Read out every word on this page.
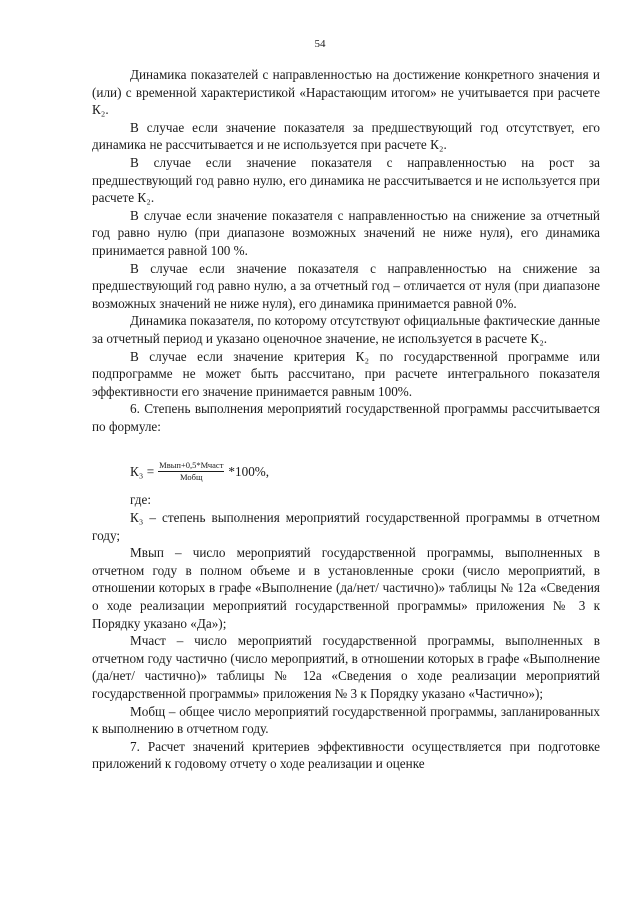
54

Динамика показателей с направленностью на достижение конкретного значения и (или) с временной характеристикой «Нарастающим итогом» не учитывается при расчете К₂.

В случае если значение показателя за предшествующий год отсутствует, его динамика не рассчитывается и не используется при расчете К₂.

В случае если значение показателя с направленностью на рост за предшествующий год равно нулю, его динамика не рассчитывается и не используется при расчете К₂.

В случае если значение показателя с направленностью на снижение за отчетный год равно нулю (при диапазоне возможных значений не ниже нуля), его динамика принимается равной 100 %.

В случае если значение показателя с направленностью на снижение за предшествующий год равно нулю, а за отчетный год – отличается от нуля (при диапазоне возможных значений не ниже нуля), его динамика принимается равной 0%.

Динамика показателя, по которому отсутствуют официальные фактические данные за отчетный период и указано оценочное значение, не используется в расчете К₂.

В случае если значение критерия К₂ по государственной программе или подпрограмме не может быть рассчитано, при расчете интегрального показателя эффективности его значение принимается равным 100%.

6. Степень выполнения мероприятий государственной программы рассчитывается по формуле:

$К_3 = \frac{\text{Мвып+0,5*Мчаст}}{\text{Мобщ}} *100\%$,

где:

К₃ – степень выполнения мероприятий государственной программы в отчетном году;

Mвып – число мероприятий государственной программы, выполненных в отчетном году в полном объеме и в установленные сроки (число мероприятий, в отношении которых в графе «Выполнение (да/нет/ частично)» таблицы № 12а «Сведения о ходе реализации мероприятий государственной программы» приложения № 3 к Порядку указано «Да»);

Mчаст – число мероприятий государственной программы, выполненных в отчетном году частично (число мероприятий, в отношении которых в графе «Выполнение (да/нет/ частично)» таблицы № 12а «Сведения о ходе реализации мероприятий государственной программы» приложения № 3 к Порядку указано «Частично»);

Mобщ – общее число мероприятий государственной программы, запланированных к выполнению в отчетном году.

7. Расчет значений критериев эффективности осуществляется при подготовке приложений к годовому отчету о ходе реализации и оценке
